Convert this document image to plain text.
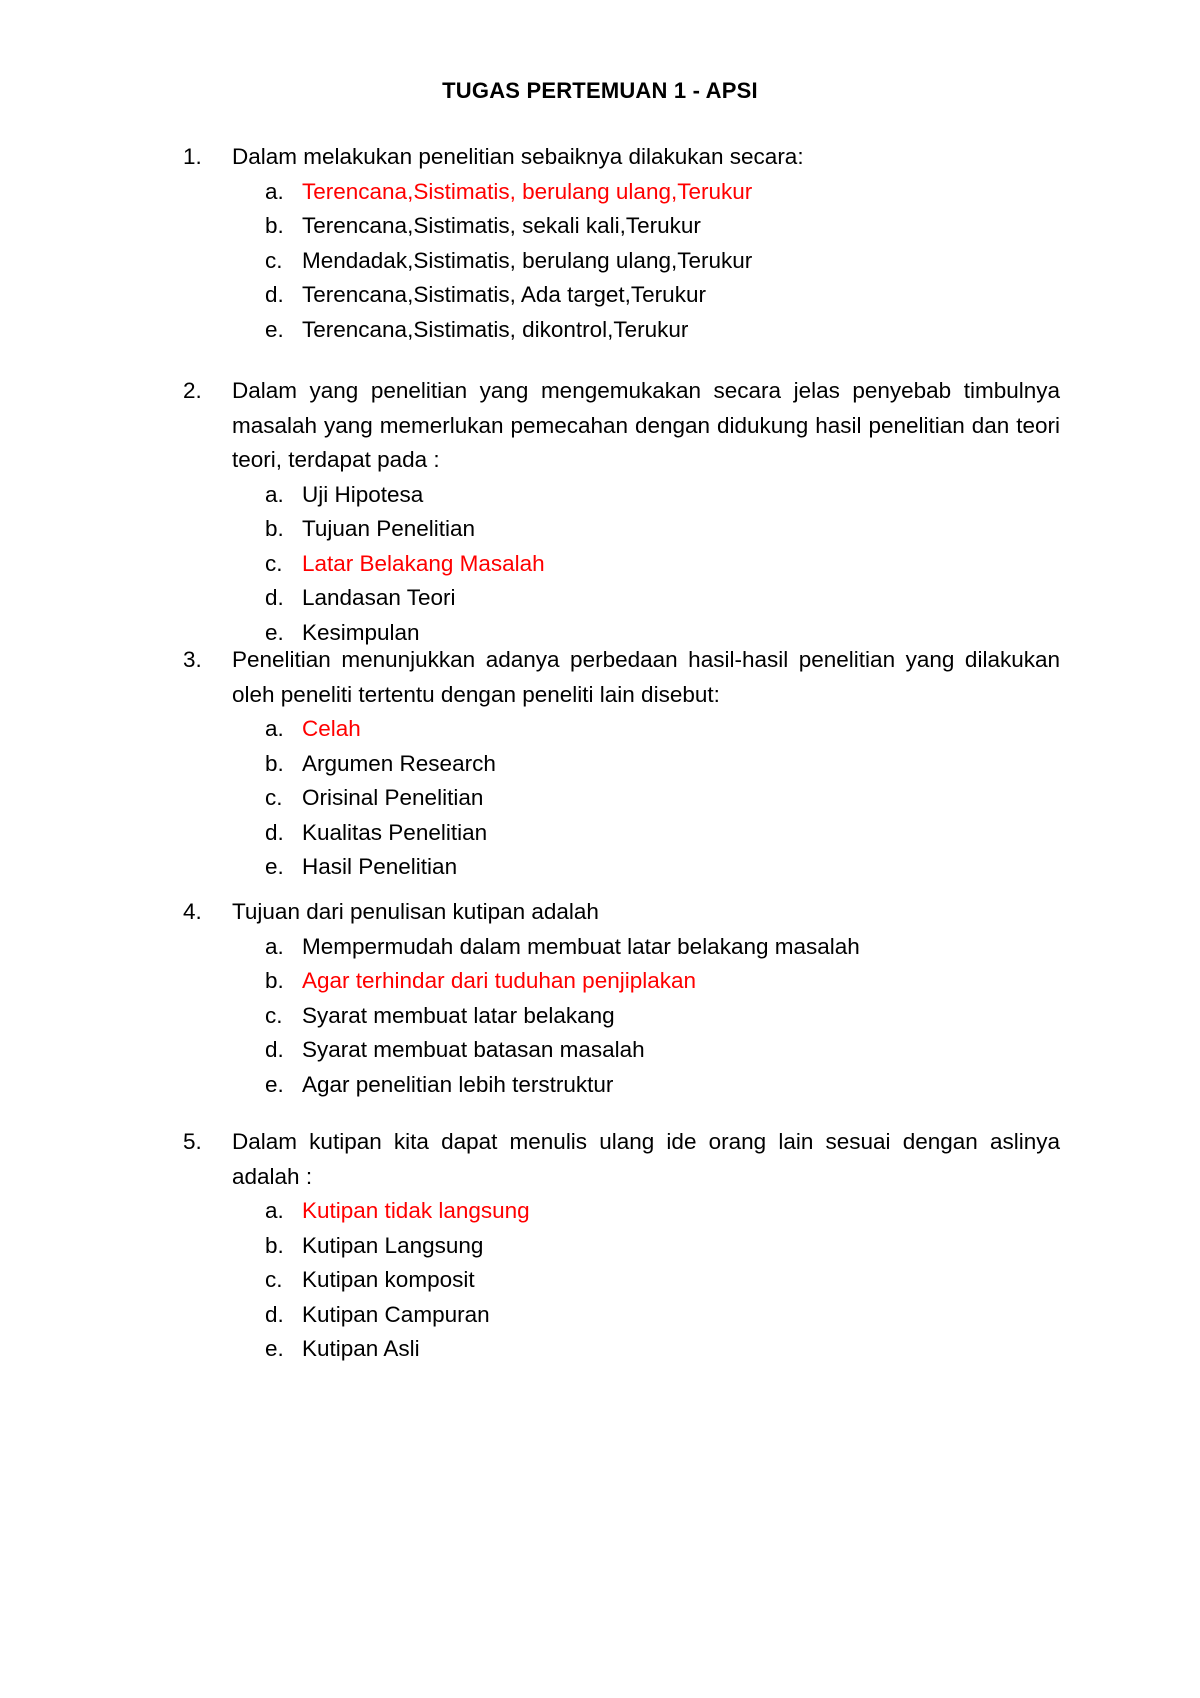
TUGAS PERTEMUAN 1 - APSI
1.	Dalam melakukan penelitian sebaiknya dilakukan secara:
a. Terencana,Sistimatis, berulang ulang,Terukur
b. Terencana,Sistimatis, sekali kali,Terukur
c. Mendadak,Sistimatis, berulang ulang,Terukur
d. Terencana,Sistimatis, Ada target,Terukur
e. Terencana,Sistimatis, dikontrol,Terukur
2.	Dalam yang penelitian yang mengemukakan secara jelas penyebab timbulnya masalah yang memerlukan pemecahan dengan didukung hasil penelitian dan teori teori, terdapat pada :
a. Uji Hipotesa
b. Tujuan Penelitian
c. Latar Belakang Masalah
d. Landasan Teori
e. Kesimpulan
3.	Penelitian menunjukkan adanya perbedaan hasil-hasil penelitian yang dilakukan oleh peneliti tertentu dengan peneliti lain disebut:
a. Celah
b. Argumen Research
c. Orisinal Penelitian
d. Kualitas Penelitian
e. Hasil Penelitian
4.	Tujuan dari penulisan kutipan adalah
a. Mempermudah dalam membuat latar belakang masalah
b. Agar terhindar dari tuduhan penjiplakan
c. Syarat membuat latar belakang
d. Syarat membuat batasan masalah
e. Agar penelitian lebih terstruktur
5.	Dalam kutipan kita dapat menulis ulang ide orang lain sesuai dengan aslinya adalah :
a. Kutipan tidak langsung
b. Kutipan Langsung
c. Kutipan komposit
d. Kutipan Campuran
e. Kutipan Asli
